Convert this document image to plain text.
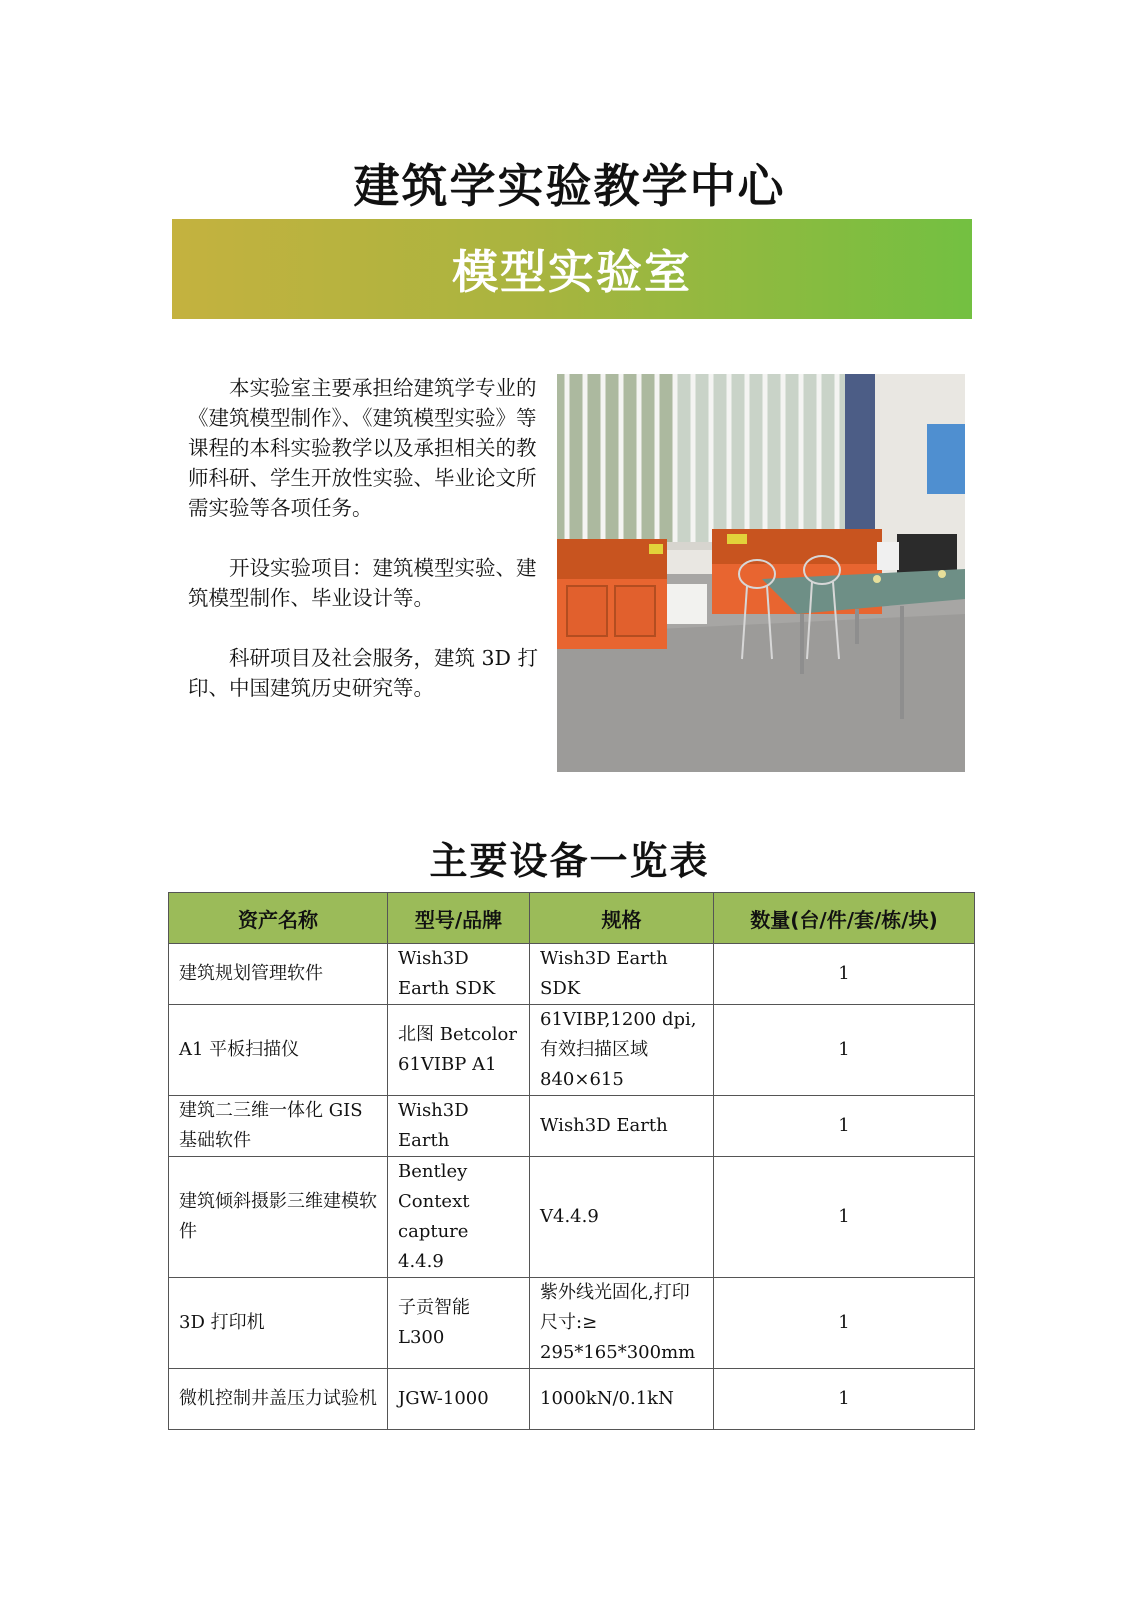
建筑学实验教学中心
模型实验室

本实验室主要承担给建筑学专业的《建筑模型制作》、《建筑模型实验》等课程的本科实验教学以及承担相关的教师科研、学生开放性实验、毕业论文所需实验等各项任务。

开设实验项目：建筑模型实验、建筑模型制作、毕业设计等。

科研项目及社会服务，建筑 3D 打印、中国建筑历史研究等。

主要设备一览表
资产名称	型号/品牌	规格	数量(台/件/套/栋/块)
建筑规划管理软件	Wish3D Earth SDK	Wish3D Earth SDK	1
A1 平板扫描仪	北图 Betcolor 61VIBP A1	61VIBP,1200 dpi,有效扫描区域 840×615	1
建筑二三维一体化 GIS 基础软件	Wish3D Earth	Wish3D Earth	1
建筑倾斜摄影三维建模软件	Bentley Context capture 4.4.9	V4.4.9	1
3D 打印机	子贡智能 L300	紫外线光固化,打印尺寸:≥ 295*165*300mm	1
微机控制井盖压力试验机	JGW-1000	1000kN/0.1kN	1
